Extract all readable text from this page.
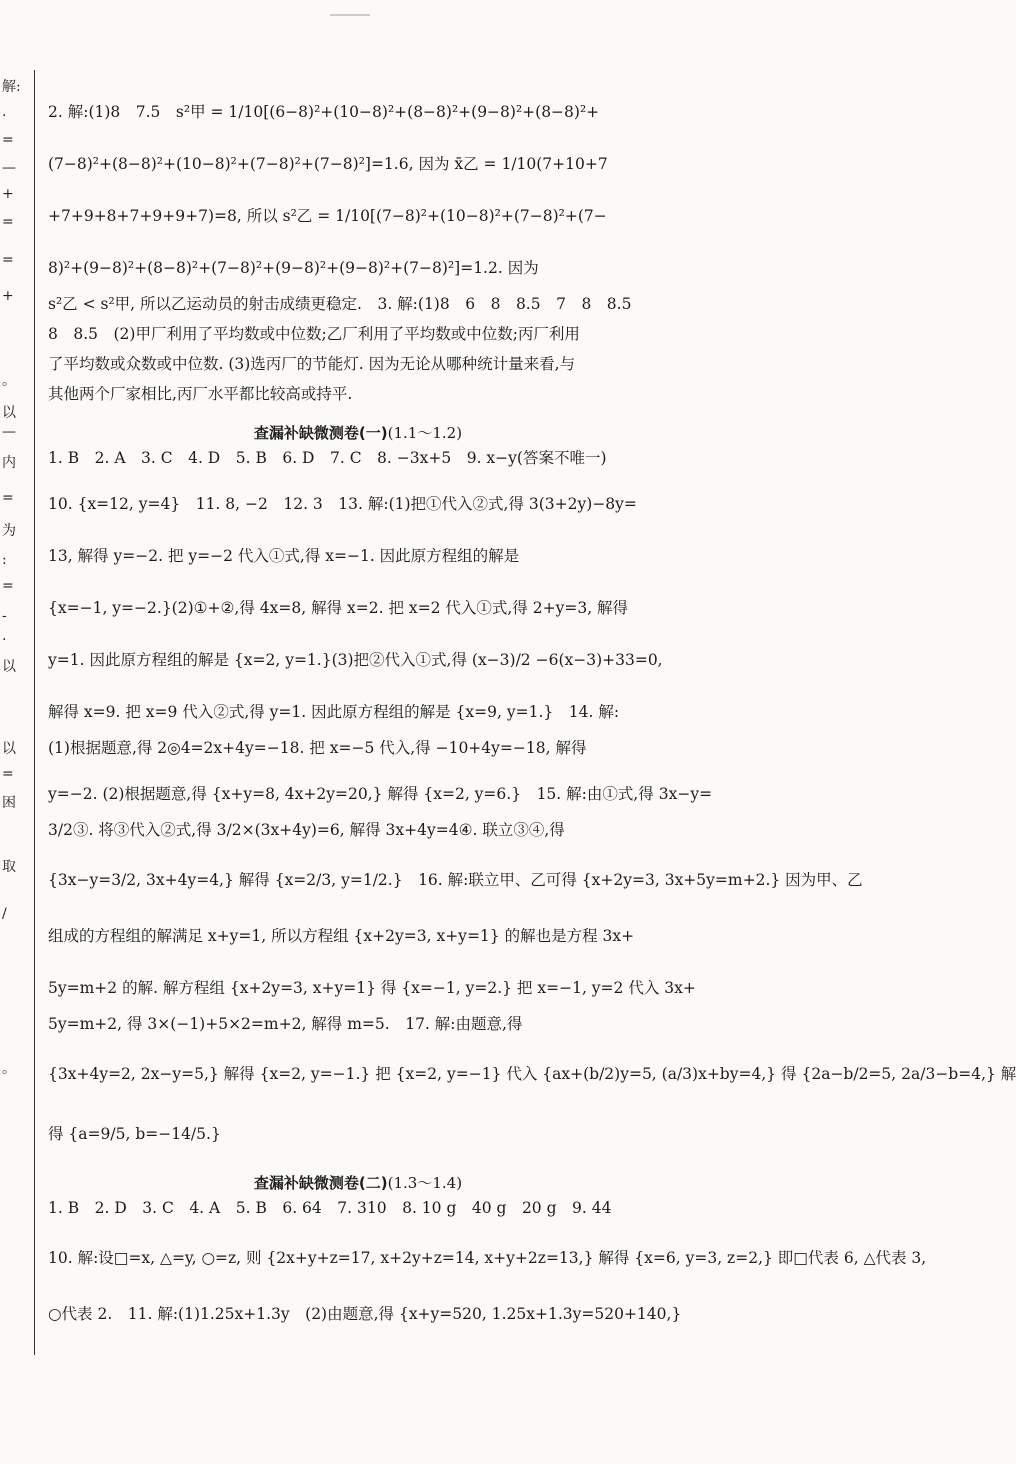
解:
.
=
—
+
=
=
+
。
以
—
内
=
为
:
=
-
.
以
以
=
困
取
/
。
2. 解:(1)8　7.5　s²甲 = 1/10[(6−8)²+(10−8)²+(8−8)²+(9−8)²+(8−8)²+
(7−8)²+(8−8)²+(10−8)²+(7−8)²+(7−8)²]=1.6, 因为 x̄乙 = 1/10(7+10+7
+7+9+8+7+9+9+7)=8, 所以 s²乙 = 1/10[(7−8)²+(10−8)²+(7−8)²+(7−
8)²+(9−8)²+(8−8)²+(7−8)²+(9−8)²+(9−8)²+(7−8)²]=1.2. 因为
s²乙 < s²甲, 所以乙运动员的射击成绩更稳定.　3. 解:(1)8　6　8　8.5　7　8　8.5
8　8.5　(2)甲厂利用了平均数或中位数;乙厂利用了平均数或中位数;丙厂利用
了平均数或众数或中位数. (3)选丙厂的节能灯. 因为无论从哪种统计量来看,与
其他两个厂家相比,丙厂水平都比较高或持平.
查漏补缺微测卷(一)(1.1～1.2)
1. B　2. A　3. C　4. D　5. B　6. D　7. C　8. −3x+5　9. x−y(答案不唯一)
10. {x=12, y=4}　11. 8, −2　12. 3　13. 解:(1)把①代入②式,得 3(3+2y)−8y=
13, 解得 y=−2. 把 y=−2 代入①式,得 x=−1. 因此原方程组的解是
{x=−1, y=−2.}(2)①+②,得 4x=8, 解得 x=2. 把 x=2 代入①式,得 2+y=3, 解得
y=1. 因此原方程组的解是 {x=2, y=1.}(3)把②代入①式,得 (x−3)/2 −6(x−3)+33=0,
解得 x=9. 把 x=9 代入②式,得 y=1. 因此原方程组的解是 {x=9, y=1.}　14. 解:
(1)根据题意,得 2◎4=2x+4y=−18. 把 x=−5 代入,得 −10+4y=−18, 解得
y=−2. (2)根据题意,得 {x+y=8, 4x+2y=20,} 解得 {x=2, y=6.}　15. 解:由①式,得 3x−y=
3/2③. 将③代入②式,得 3/2×(3x+4y)=6, 解得 3x+4y=4④. 联立③④,得
{3x−y=3/2, 3x+4y=4,} 解得 {x=2/3, y=1/2.}　16. 解:联立甲、乙可得 {x+2y=3, 3x+5y=m+2.} 因为甲、乙
组成的方程组的解满足 x+y=1, 所以方程组 {x+2y=3, x+y=1} 的解也是方程 3x+
5y=m+2 的解. 解方程组 {x+2y=3, x+y=1} 得 {x=−1, y=2.} 把 x=−1, y=2 代入 3x+
5y=m+2, 得 3×(−1)+5×2=m+2, 解得 m=5.　17. 解:由题意,得
{3x+4y=2, 2x−y=5,} 解得 {x=2, y=−1.} 把 {x=2, y=−1} 代入 {ax+(b/2)y=5, (a/3)x+by=4,} 得 {2a−b/2=5, 2a/3−b=4,} 解
得 {a=9/5, b=−14/5.}
查漏补缺微测卷(二)(1.3～1.4)
1. B　2. D　3. C　4. A　5. B　6. 64　7. 310　8. 10 g　40 g　20 g　9. 44
10. 解:设□=x, △=y, ○=z, 则 {2x+y+z=17, x+2y+z=14, x+y+2z=13,} 解得 {x=6, y=3, z=2,} 即□代表 6, △代表 3,
○代表 2.　11. 解:(1)1.25x+1.3y　(2)由题意,得 {x+y=520, 1.25x+1.3y=520+140,}
